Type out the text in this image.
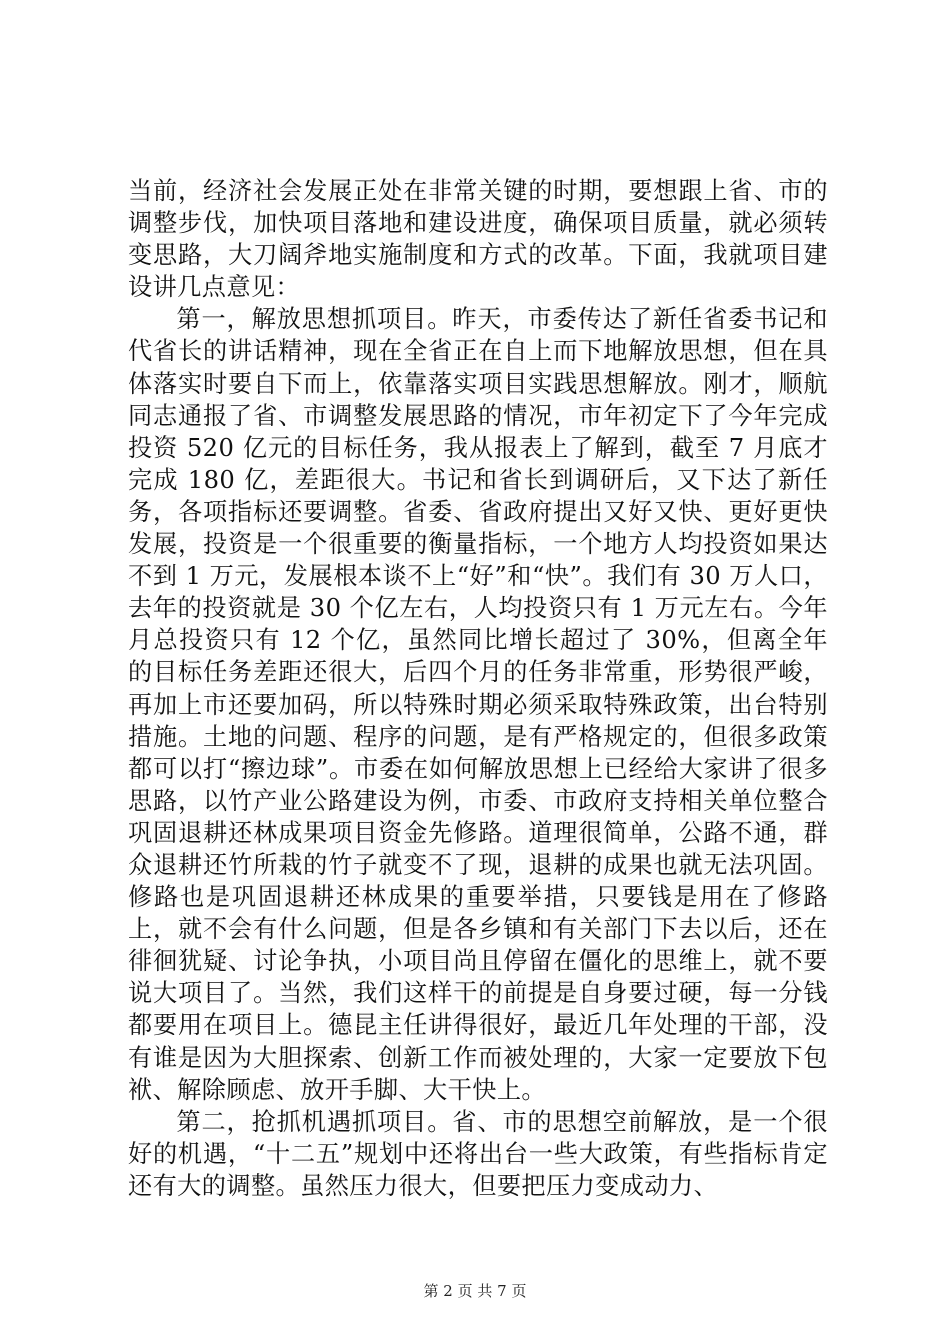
当前，经济社会发展正处在非常关键的时期，要想跟上省、市的调整步伐，加快项目落地和建设进度，确保项目质量，就必须转变思路，大刀阔斧地实施制度和方式的改革。下面，我就项目建设讲几点意见：

第一，解放思想抓项目。昨天，市委传达了新任省委书记和代省长的讲话精神，现在全省正在自上而下地解放思想，但在具体落实时要自下而上，依靠落实项目实践思想解放。刚才，顺航同志通报了省、市调整发展思路的情况，市年初定下了今年完成投资 520 亿元的目标任务，我从报表上了解到，截至 7 月底才完成 180 亿，差距很大。书记和省长到调研后，又下达了新任务，各项指标还要调整。省委、省政府提出又好又快、更好更快发展，投资是一个很重要的衡量指标，一个地方人均投资如果达不到 1 万元，发展根本谈不上“好”和“快”。我们有 30 万人口，去年的投资就是 30 个亿左右，人均投资只有 1 万元左右。今年月总投资只有 12 个亿，虽然同比增长超过了 30%，但离全年的目标任务差距还很大，后四个月的任务非常重，形势很严峻，再加上市还要加码，所以特殊时期必须采取特殊政策，出台特别措施。土地的问题、程序的问题，是有严格规定的，但很多政策都可以打“擦边球”。市委在如何解放思想上已经给大家讲了很多思路，以竹产业公路建设为例，市委、市政府支持相关单位整合巩固退耕还林成果项目资金先修路。道理很简单，公路不通，群众退耕还竹所栽的竹子就变不了现，退耕的成果也就无法巩固。修路也是巩固退耕还林成果的重要举措，只要钱是用在了修路上，就不会有什么问题，但是各乡镇和有关部门下去以后，还在徘徊犹疑、讨论争执，小项目尚且停留在僵化的思维上，就不要说大项目了。当然，我们这样干的前提是自身要过硬，每一分钱都要用在项目上。德昆主任讲得很好，最近几年处理的干部，没有谁是因为大胆探索、创新工作而被处理的，大家一定要放下包袱、解除顾虑、放开手脚、大干快上。

第二，抢抓机遇抓项目。省、市的思想空前解放，是一个很好的机遇，“十二五”规划中还将出台一些大政策，有些指标肯定还有大的调整。虽然压力很大，但要把压力变成动力、

第 2 页 共 7 页
